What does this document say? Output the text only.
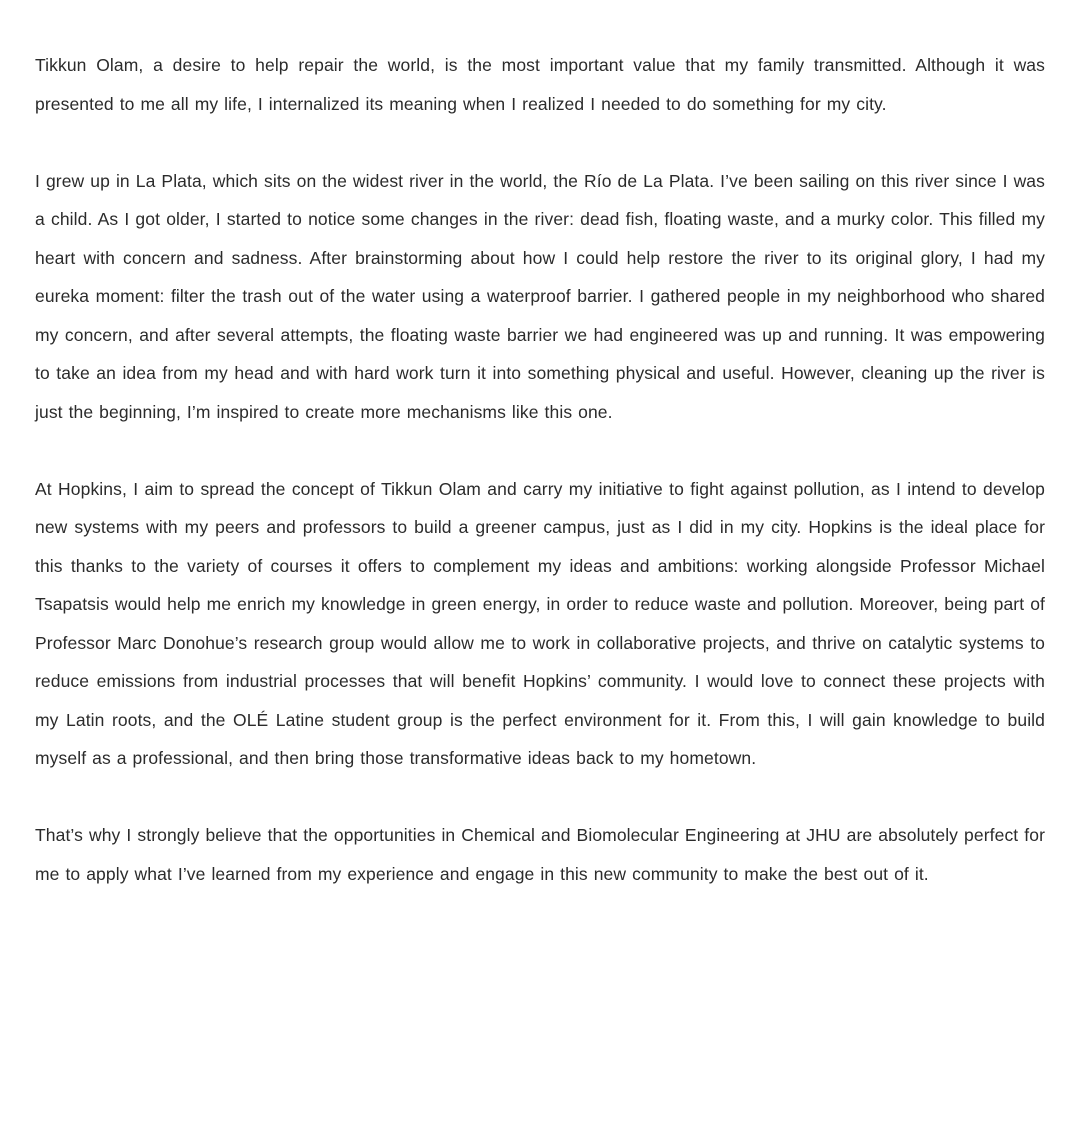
Tikkun Olam, a desire to help repair the world, is the most important value that my family transmitted. Although it was presented to me all my life, I internalized its meaning when I realized I needed to do something for my city.

I grew up in La Plata, which sits on the widest river in the world, the Río de La Plata. I’ve been sailing on this river since I was a child. As I got older, I started to notice some changes in the river: dead fish, floating waste, and a murky color. This filled my heart with concern and sadness. After brainstorming about how I could help restore the river to its original glory, I had my eureka moment: filter the trash out of the water using a waterproof barrier. I gathered people in my neighborhood who shared my concern, and after several attempts, the floating waste barrier we had engineered was up and running. It was empowering to take an idea from my head and with hard work turn it into something physical and useful. However, cleaning up the river is just the beginning, I’m inspired to create more mechanisms like this one.

At Hopkins, I aim to spread the concept of Tikkun Olam and carry my initiative to fight against pollution, as I intend to develop new systems with my peers and professors to build a greener campus, just as I did in my city. Hopkins is the ideal place for this thanks to the variety of courses it offers to complement my ideas and ambitions: working alongside Professor Michael Tsapatsis would help me enrich my knowledge in green energy, in order to reduce waste and pollution. Moreover, being part of Professor Marc Donohue’s research group would allow me to work in collaborative projects, and thrive on catalytic systems to reduce emissions from industrial processes that will benefit Hopkins’ community. I would love to connect these projects with my Latin roots, and the OLÉ Latine student group is the perfect environment for it. From this, I will gain knowledge to build myself as a professional, and then bring those transformative ideas back to my hometown.

That’s why I strongly believe that the opportunities in Chemical and Biomolecular Engineering at JHU are absolutely perfect for me to apply what I’ve learned from my experience and engage in this new community to make the best out of it.
